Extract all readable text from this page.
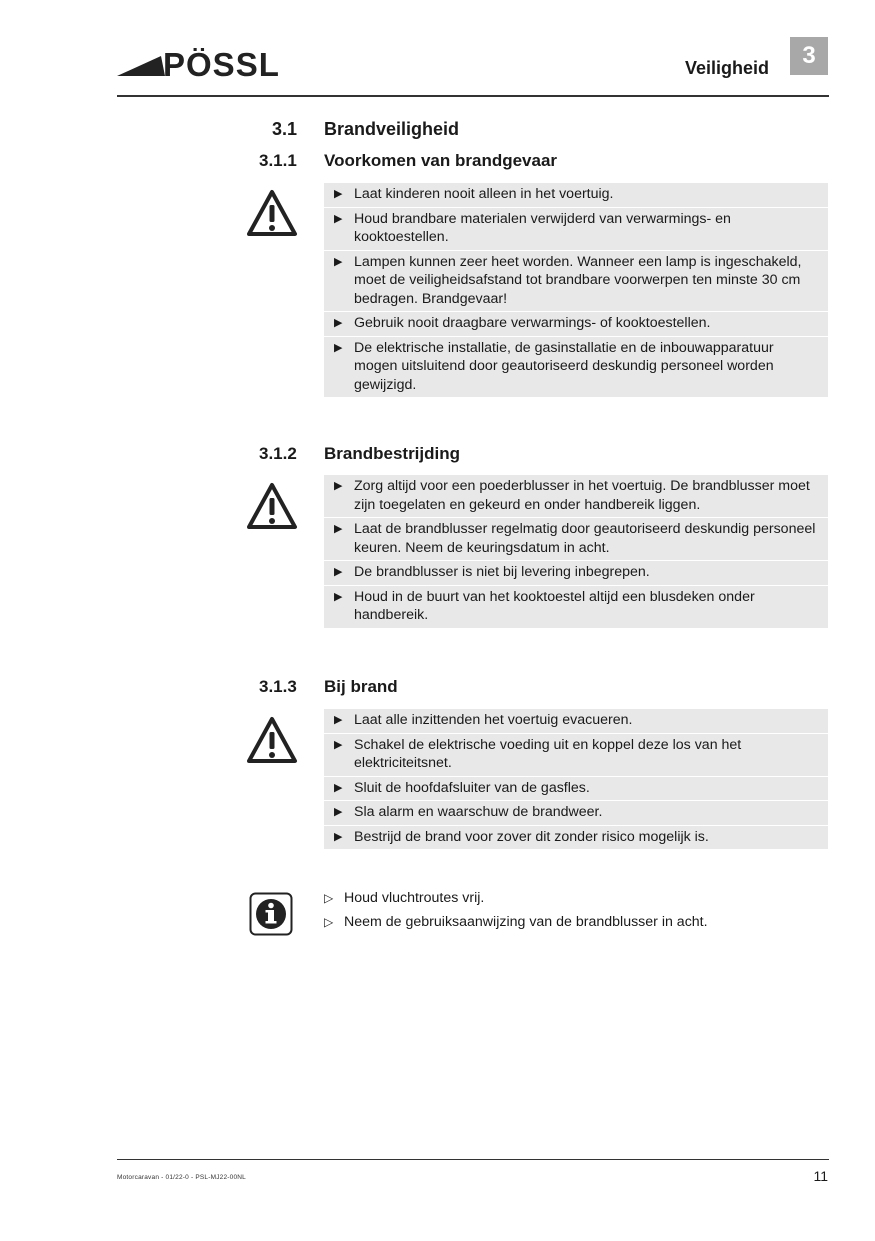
PÖSSL	Veiligheid	3
3.1 Brandveiligheid
3.1.1 Voorkomen van brandgevaar
▶ Laat kinderen nooit alleen in het voertuig.
▶ Houd brandbare materialen verwijderd van verwarmings- en kooktoestellen.
▶ Lampen kunnen zeer heet worden. Wanneer een lamp is ingeschakeld, moet de veiligheidsafstand tot brandbare voorwerpen ten minste 30 cm bedragen. Brandgevaar!
▶ Gebruik nooit draagbare verwarmings- of kooktoestellen.
▶ De elektrische installatie, de gasinstallatie en de inbouwapparatuur mogen uitsluitend door geautoriseerd deskundig personeel worden gewijzigd.
3.1.2 Brandbestrijding
▶ Zorg altijd voor een poederblusser in het voertuig. De brandblusser moet zijn toegelaten en gekeurd en onder handbereik liggen.
▶ Laat de brandblusser regelmatig door geautoriseerd deskundig personeel keuren. Neem de keuringsdatum in acht.
▶ De brandblusser is niet bij levering inbegrepen.
▶ Houd in de buurt van het kooktoestel altijd een blusdeken onder handbereik.
3.1.3 Bij brand
▶ Laat alle inzittenden het voertuig evacueren.
▶ Schakel de elektrische voeding uit en koppel deze los van het elektriciteitsnet.
▶ Sluit de hoofdafsluiter van de gasfles.
▶ Sla alarm en waarschuw de brandweer.
▶ Bestrijd de brand voor zover dit zonder risico mogelijk is.
▷ Houd vluchtroutes vrij.
▷ Neem de gebruiksaanwijzing van de brandblusser in acht.
Motorcaravan - 01/22-0 - PSL-MJ22-00NL	11
